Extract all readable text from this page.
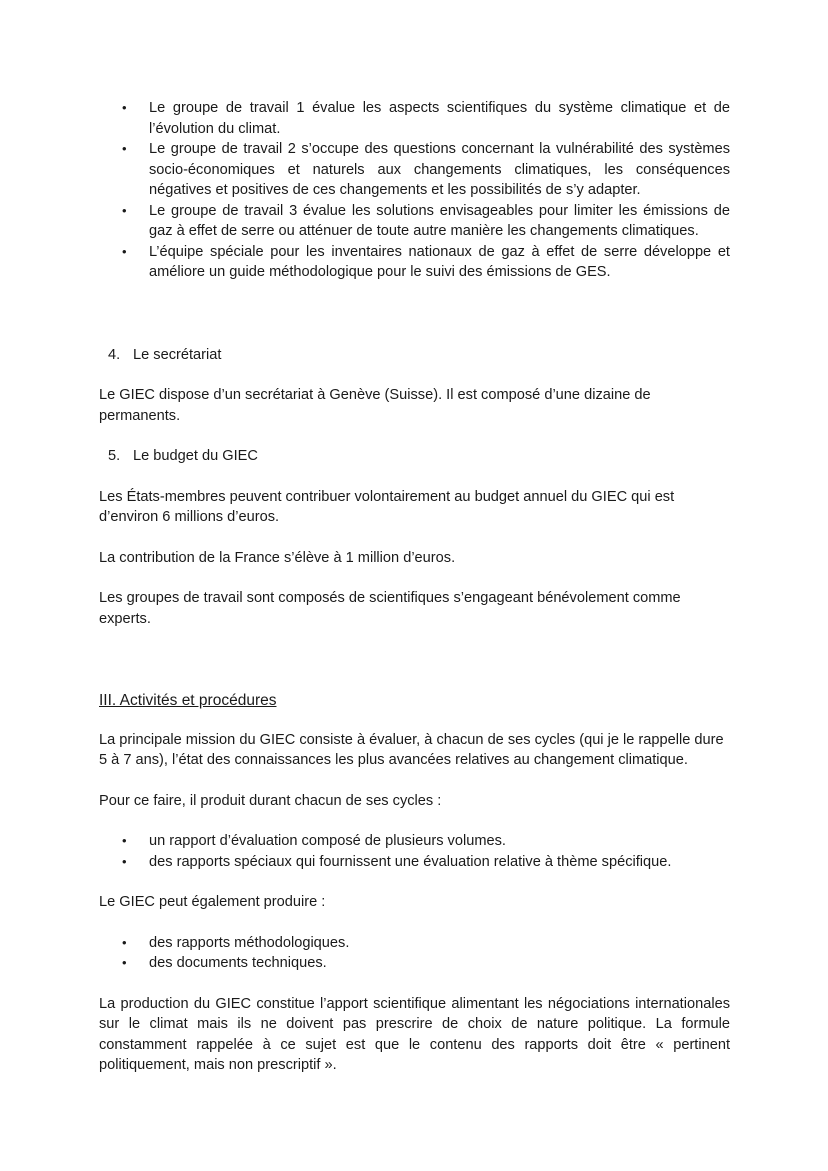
• Le groupe de travail 1 évalue les aspects scientifiques du système climatique et de l’évolution du climat.
• Le groupe de travail 2 s’occupe des questions concernant la vulnérabilité des systèmes socio-économiques et naturels aux changements climatiques, les conséquences négatives et positives de ces changements et les possibilités de s’y adapter.
• Le groupe de travail 3 évalue les solutions envisageables pour limiter les émissions de gaz à effet de serre ou atténuer de toute autre manière les changements climatiques.
• L’équipe spéciale pour les inventaires nationaux de gaz à effet de serre développe et améliore un guide méthodologique pour le suivi des émissions de GES.
4. Le secrétariat

Le GIEC dispose d’un secrétariat à Genève (Suisse). Il est composé d’une dizaine de permanents.

5. Le budget du GIEC

Les États-membres peuvent contribuer volontairement au budget annuel du GIEC qui est d’environ 6 millions d’euros.

La contribution de la France s’élève à 1 million d’euros.

Les groupes de travail sont composés de scientifiques s’engageant bénévolement comme experts.

III. Activités et procédures

La principale mission du GIEC consiste à évaluer, à chacun de ses cycles (qui je le rappelle dure 5 à 7 ans), l’état des connaissances les plus avancées relatives au changement climatique.

Pour ce faire, il produit durant chacun de ses cycles :

• un rapport d’évaluation composé de plusieurs volumes.
• des rapports spéciaux qui fournissent une évaluation relative à thème spécifique.

Le GIEC peut également produire :

• des rapports méthodologiques.
• des documents techniques.

La production du GIEC constitue l’apport scientifique alimentant les négociations internationales sur le climat mais ils ne doivent pas prescrire de choix de nature politique. La formule constamment rappelée à ce sujet est que le contenu des rapports doit être « pertinent politiquement, mais non prescriptif ».
